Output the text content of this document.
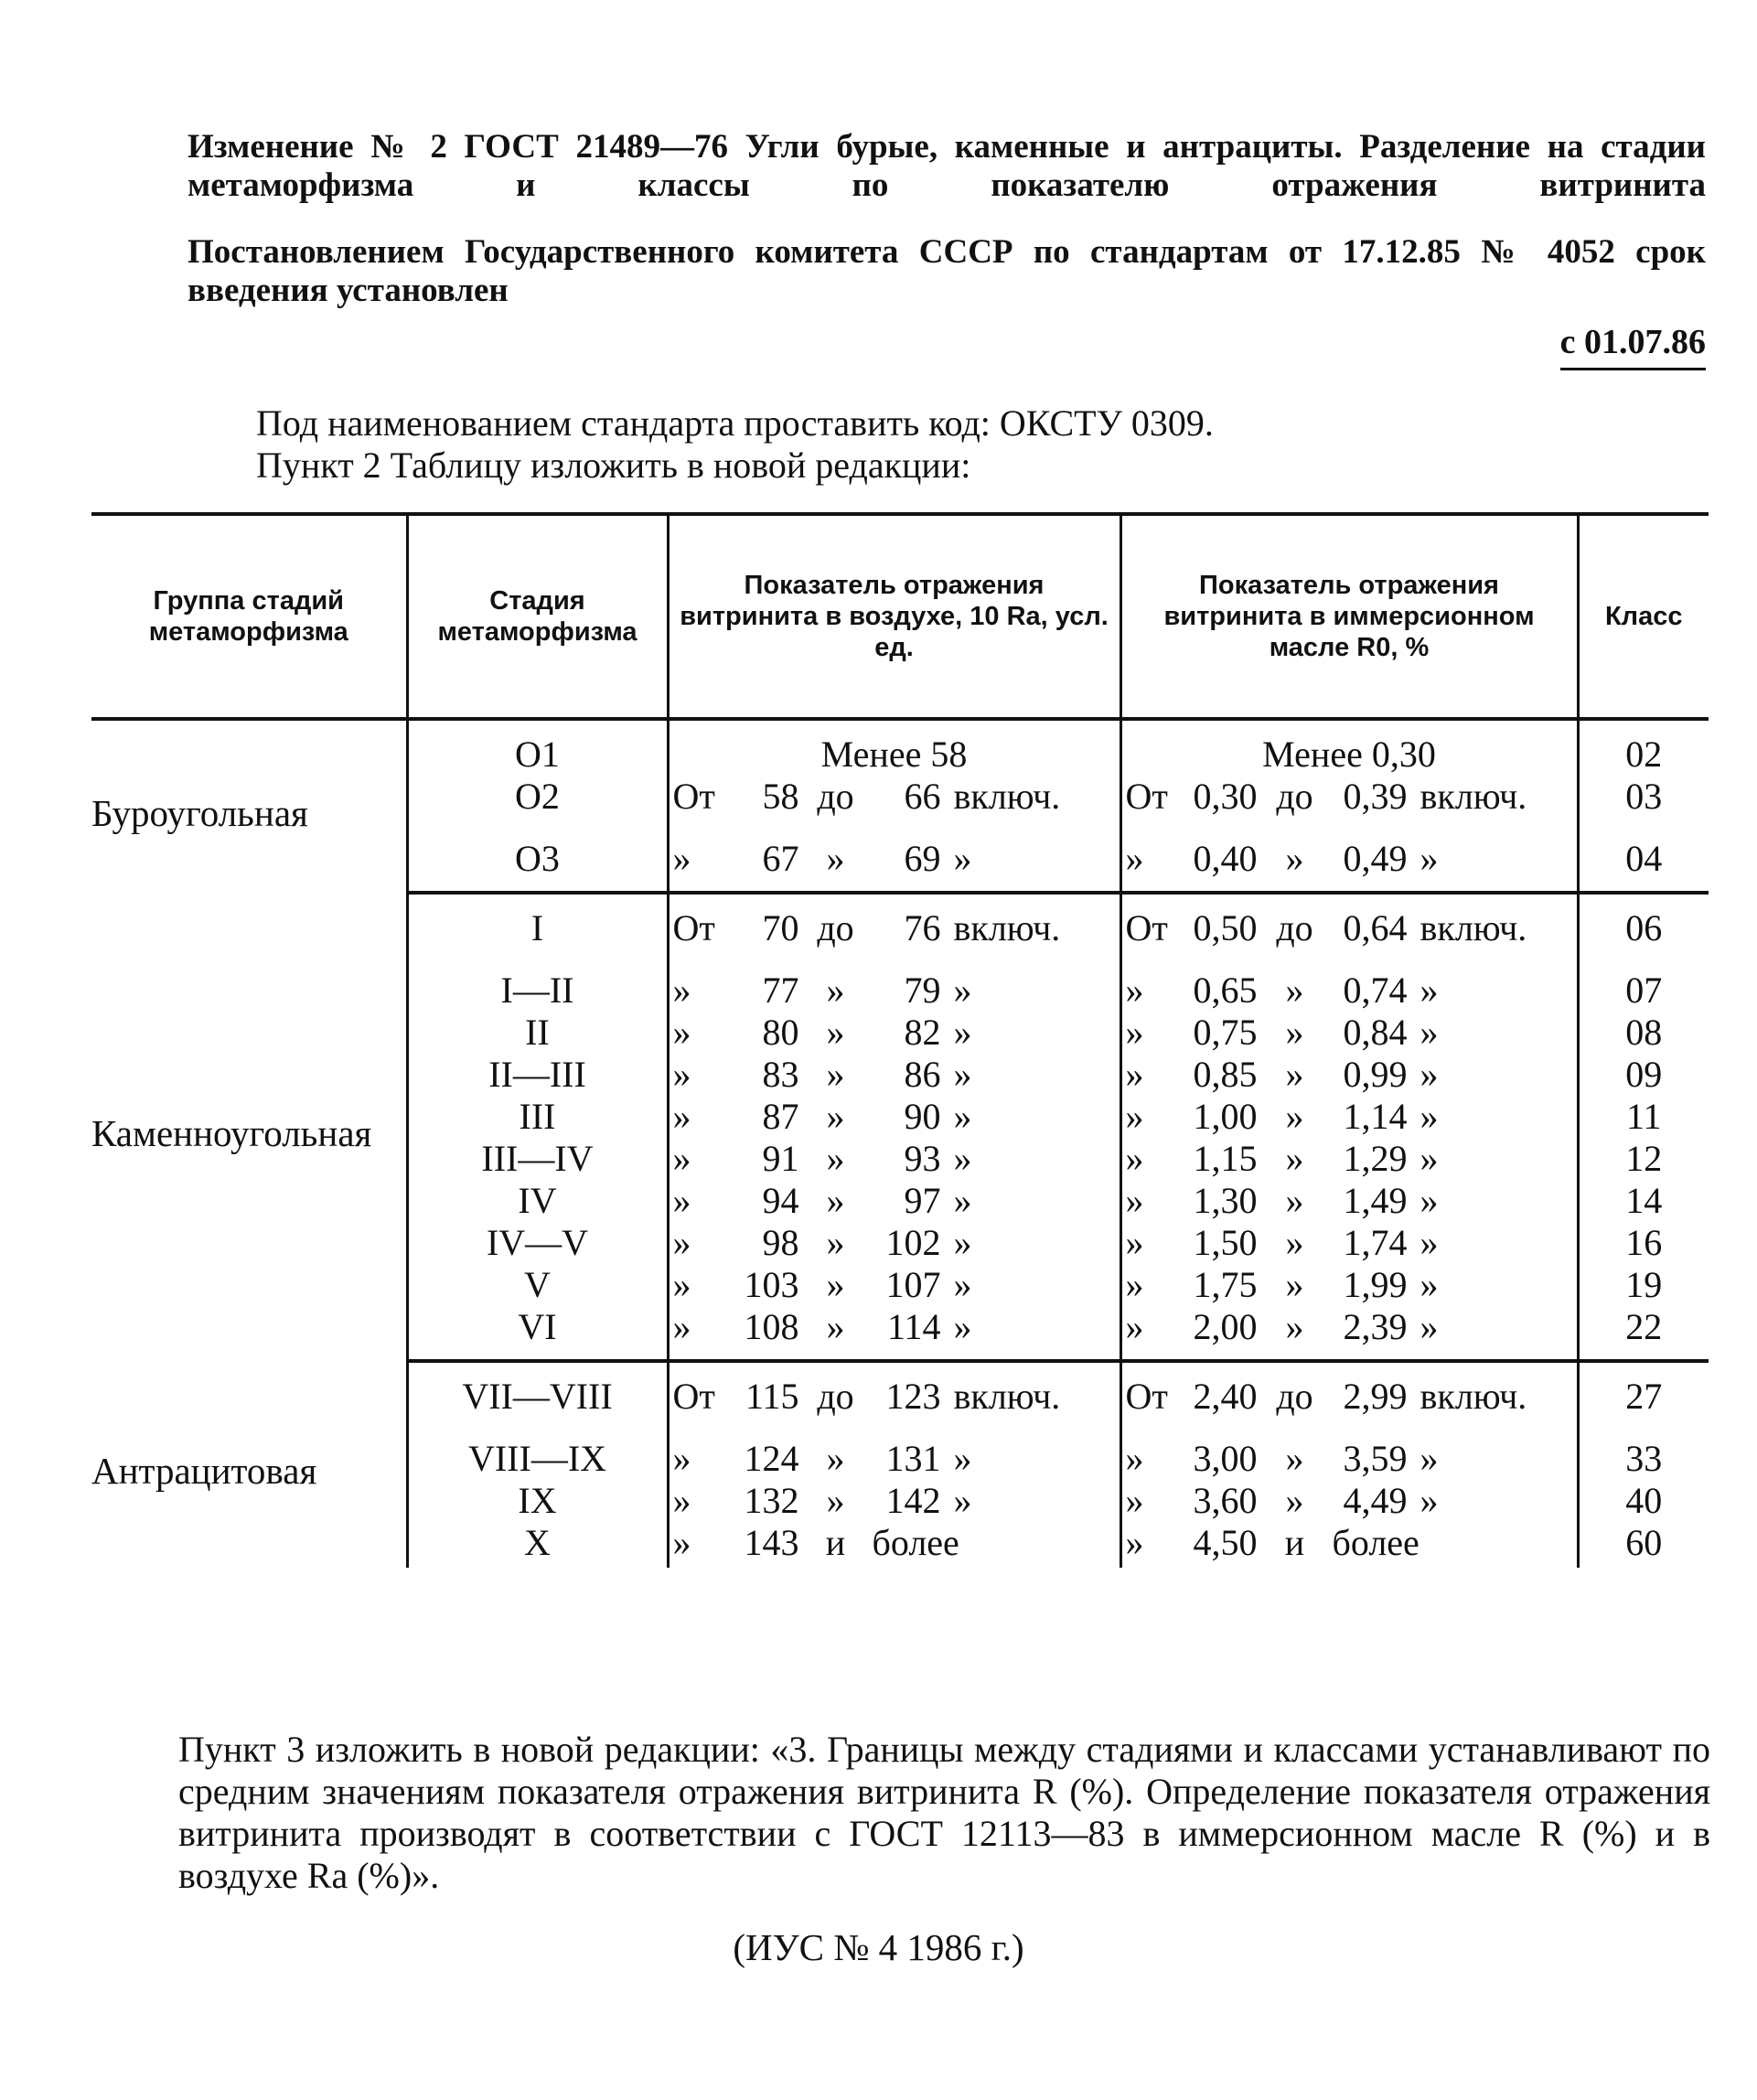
Изменение № 2 ГОСТ 21489—76 Угли бурые, каменные и антрациты. Разделение на стадии метаморфизма и классы по показателю отражения витринита
Постановлением Государственного комитета СССР по стандартам от 17.12.85 № 4052 срок введения установлен
с 01.07.86
Под наименованием стандарта проставить код: ОКСТУ 0309.
Пункт 2 Таблицу изложить в новой редакции:
Группа стадий метаморфизма	Стадия метаморфизма	Показатель отражения витринита в воздухе, 10 Ra, усл. ед.	Показатель отражения витринита в иммерсионном масле R0, %	Класс
Буроугольная	O1	Менее 58	Менее 0,30	02
	O2	От 58 до 66 включ.	От 0,30 до 0,39 включ.	03
	O3	» 67 » 69 »	» 0,40 » 0,49 »	04
Каменноугольная	I	От 70 до 76 включ.	От 0,50 до 0,64 включ.	06
	I—II	» 77 » 79 »	» 0,65 » 0,74 »	07
	II	» 80 » 82 »	» 0,75 » 0,84 »	08
	II—III	» 83 » 86 »	» 0,85 » 0,99 »	09
	III	» 87 » 90 »	» 1,00 » 1,14 »	11
	III—IV	» 91 » 93 »	» 1,15 » 1,29 »	12
	IV	» 94 » 97 »	» 1,30 » 1,49 »	14
	IV—V	» 98 » 102 »	» 1,50 » 1,74 »	16
	V	» 103 » 107 »	» 1,75 » 1,99 »	19
	VI	» 108 » 114 »	» 2,00 » 2,39 »	22
Антрацитовая	VII—VIII	От 115 до 123 включ.	От 2,40 до 2,99 включ.	27
	VIII—IX	» 124 » 131 »	» 3,00 » 3,59 »	33
	IX	» 132 » 142 »	» 3,60 » 4,49 »	40
	X	» 143 и более	» 4,50 и более	60
Пункт 3 изложить в новой редакции: «3. Границы между стадиями и классами устанавливают по средним значениям показателя отражения витринита R (%). Определение показателя отражения витринита производят в соответствии с ГОСТ 12113—83 в иммерсионном масле R (%) и в воздухе Ra (%)».
(ИУС № 4 1986 г.)
